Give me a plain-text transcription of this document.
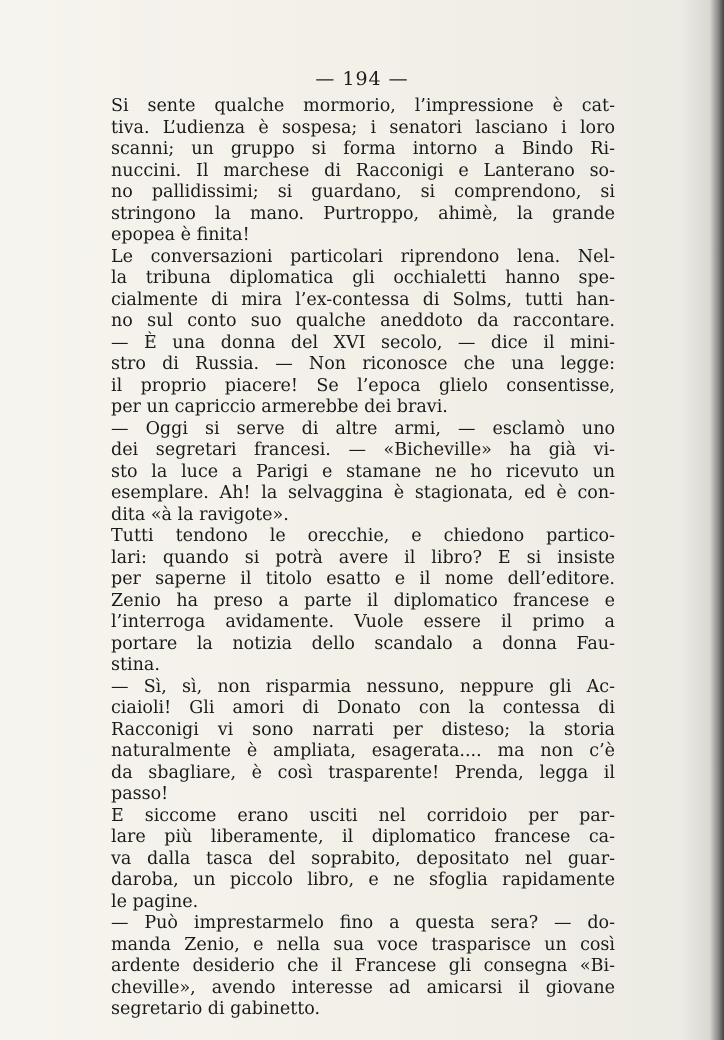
— 194 —
Si sente qualche mormorio, l’impressione è cat-
tiva. L’udienza è sospesa; i senatori lasciano i loro
scanni; un gruppo si forma intorno a Bindo Ri-
nuccini. Il marchese di Racconigi e Lanterano so-
no pallidissimi; si guardano, si comprendono, si
stringono la mano. Purtroppo, ahimè, la grande
epopea è finita!
Le conversazioni particolari riprendono lena. Nel-
la tribuna diplomatica gli occhialetti hanno spe-
cialmente di mira l’ex-contessa di Solms, tutti han-
no sul conto suo qualche aneddoto da raccontare.
— È una donna del XVI secolo, — dice il mini-
stro di Russia. — Non riconosce che una legge:
il proprio piacere! Se l’epoca glielo consentisse,
per un capriccio armerebbe dei bravi.
— Oggi si serve di altre armi, — esclamò uno
dei segretari francesi. — «Bicheville» ha già vi-
sto la luce a Parigi e stamane ne ho ricevuto un
esemplare. Ah! la selvaggina è stagionata, ed è con-
dita «à la ravigote».
Tutti tendono le orecchie, e chiedono partico-
lari: quando si potrà avere il libro? E si insiste
per saperne il titolo esatto e il nome dell’editore.
Zenio ha preso a parte il diplomatico francese e
l’interroga avidamente. Vuole essere il primo a
portare la notizia dello scandalo a donna Fau-
stina.
— Sì, sì, non risparmia nessuno, neppure gli Ac-
ciaioli! Gli amori di Donato con la contessa di
Racconigi vi sono narrati per disteso; la storia
naturalmente è ampliata, esagerata.... ma non c’è
da sbagliare, è così trasparente! Prenda, legga il
passo!
E siccome erano usciti nel corridoio per par-
lare più liberamente, il diplomatico francese ca-
va dalla tasca del soprabito, depositato nel guar-
daroba, un piccolo libro, e ne sfoglia rapidamente
le pagine.
— Può imprestarmelo fino a questa sera? — do-
manda Zenio, e nella sua voce trasparisce un così
ardente desiderio che il Francese gli consegna «Bi-
cheville», avendo interesse ad amicarsi il giovane
segretario di gabinetto.
